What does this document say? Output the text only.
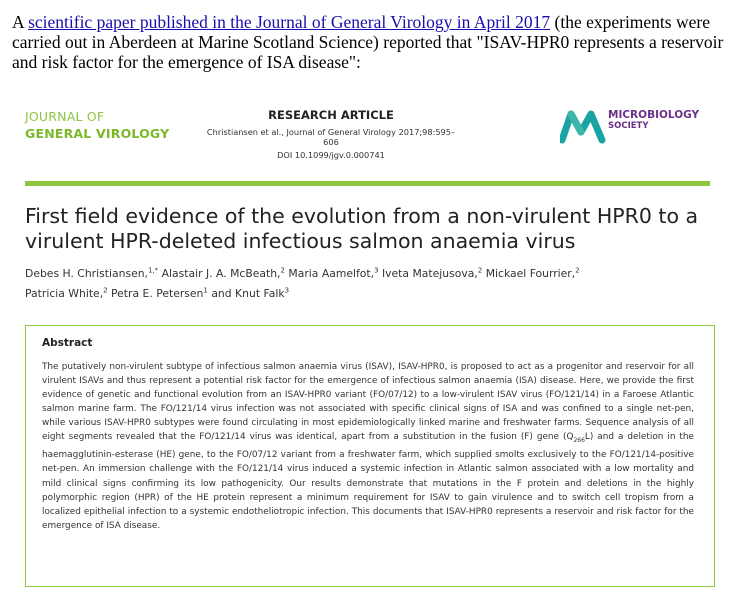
A scientific paper published in the Journal of General Virology in April 2017 (the experiments were carried out in Aberdeen at Marine Scotland Science) reported that "ISAV-HPR0 represents a reservoir and risk factor for the emergence of ISA disease":
JOURNAL OF
GENERAL VIROLOGY
RESEARCH ARTICLE
Christiansen et al., Journal of General Virology 2017;98:595–606
DOI 10.1099/jgv.0.000741
MICROBIOLOGY
SOCIETY
First field evidence of the evolution from a non-virulent HPR0 to a virulent HPR-deleted infectious salmon anaemia virus
Debes H. Christiansen,$^{1,*}$ Alastair J. A. McBeath,$^2$ Maria Aamelfot,$^3$ Iveta Matejusova,$^2$ Mickael Fourrier,$^2$
Patricia White,$^2$ Petra E. Petersen$^1$ and Knut Falk$^3$
Abstract
The putatively non-virulent subtype of infectious salmon anaemia virus (ISAV), ISAV-HPR0, is proposed to act as a progenitor and reservoir for all virulent ISAVs and thus represent a potential risk factor for the emergence of infectious salmon anaemia (ISA) disease. Here, we provide the first evidence of genetic and functional evolution from an ISAV-HPR0 variant (FO/07/12) to a low-virulent ISAV virus (FO/121/14) in a Faroese Atlantic salmon marine farm. The FO/121/14 virus infection was not associated with specific clinical signs of ISA and was confined to a single net-pen, while various ISAV-HPR0 subtypes were found circulating in most epidemiologically linked marine and freshwater farms. Sequence analysis of all eight segments revealed that the FO/121/14 virus was identical, apart from a substitution in the fusion (F) gene $(Q_{266}L)$ and a deletion in the haemagglutinin-esterase (HE) gene, to the FO/07/12 variant from a freshwater farm, which supplied smolts exclusively to the FO/121/14-positive net-pen. An immersion challenge with the FO/121/14 virus induced a systemic infection in Atlantic salmon associated with a low mortality and mild clinical signs confirming its low pathogenicity. Our results demonstrate that mutations in the F protein and deletions in the highly polymorphic region (HPR) of the HE protein represent a minimum requirement for ISAV to gain virulence and to switch cell tropism from a localized epithelial infection to a systemic endotheliotropic infection. This documents that ISAV-HPR0 represents a reservoir and risk factor for the emergence of ISA disease.
